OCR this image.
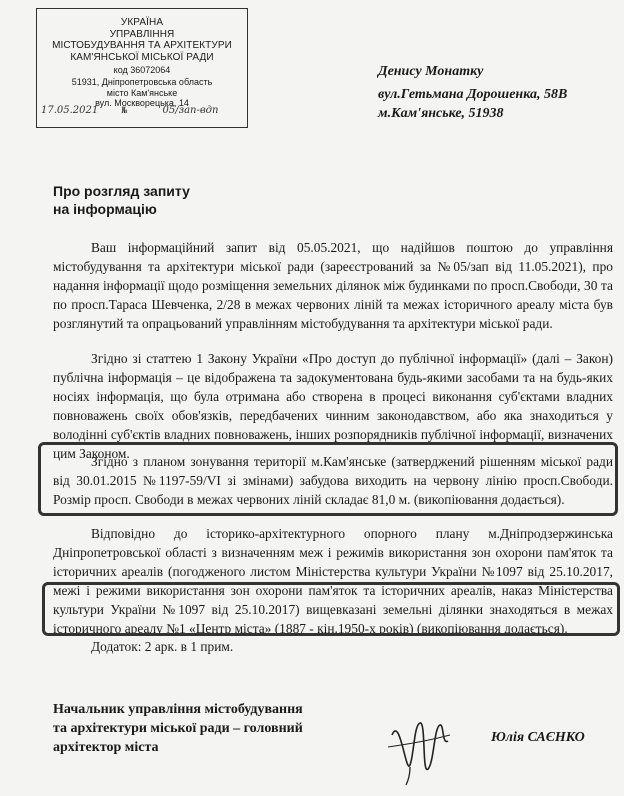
УКРАЇНА
УПРАВЛІННЯ
МІСТОБУДУВАННЯ ТА АРХІТЕКТУРИ
КАМ'ЯНСЬКОЇ МІСЬКОЇ РАДИ
код 36072064
51931, Дніпропетровська область
місто Кам'янське
вул. Москворецька, 14
17.05.2021	№	05/зап-вдп
Денису Монатку
вул.Гетьмана Дорошенка, 58В
м.Кам'янське, 51938
Про розгляд запиту
на інформацію

Ваш інформаційний запит від 05.05.2021, що надійшов поштою до управління містобудування та архітектури міської ради (зареєстрований за №05/зап від 11.05.2021), про надання інформації щодо розміщення земельних ділянок між будинками по просп.Свободи, 30 та по просп.Тараса Шевченка, 2/28 в межах червоних ліній та межах історичного ареалу міста був розглянутий та опрацьований управлінням містобудування та архітектури міської ради.

Згідно зі статтею 1 Закону України «Про доступ до публічної інформації» (далі – Закон) публічна інформація – це відображена та задокументована будь-якими засобами та на будь-яких носіях інформація, що була отримана або створена в процесі виконання суб'єктами владних повноважень своїх обов'язків, передбачених чинним законодавством, або яка знаходиться у володінні суб'єктів владних повноважень, інших розпорядників публічної інформації, визначених цим Законом.

Згідно з планом зонування території м.Кам'янське (затверджений рішенням міської ради від 30.01.2015 №1197-59/VI зі змінами) забудова виходить на червону лінію просп.Свободи. Розмір просп. Свободи в межах червоних ліній складає 81,0 м. (викопіювання додається).

Відповідно до історико-архітектурного опорного плану м.Дніпродзержинська Дніпропетровської області з визначенням меж і режимів використання зон охорони пам'яток та історичних ареалів (погодженого листом Міністерства культури України №1097 від 25.10.2017, межі і режими використання зон охорони пам'яток та історичних ареалів, наказ Міністерства культури України №1097 від 25.10.2017) вищевказані земельні ділянки знаходяться в межах історичного ареалу №1 «Центр міста» (1887 - кін.1950-х років) (викопіювання додається).

Додаток: 2 арк. в 1 прим.

Начальник управління містобудування
та архітектури міської ради – головний
архітектор міста
Юлія САЄНКО
